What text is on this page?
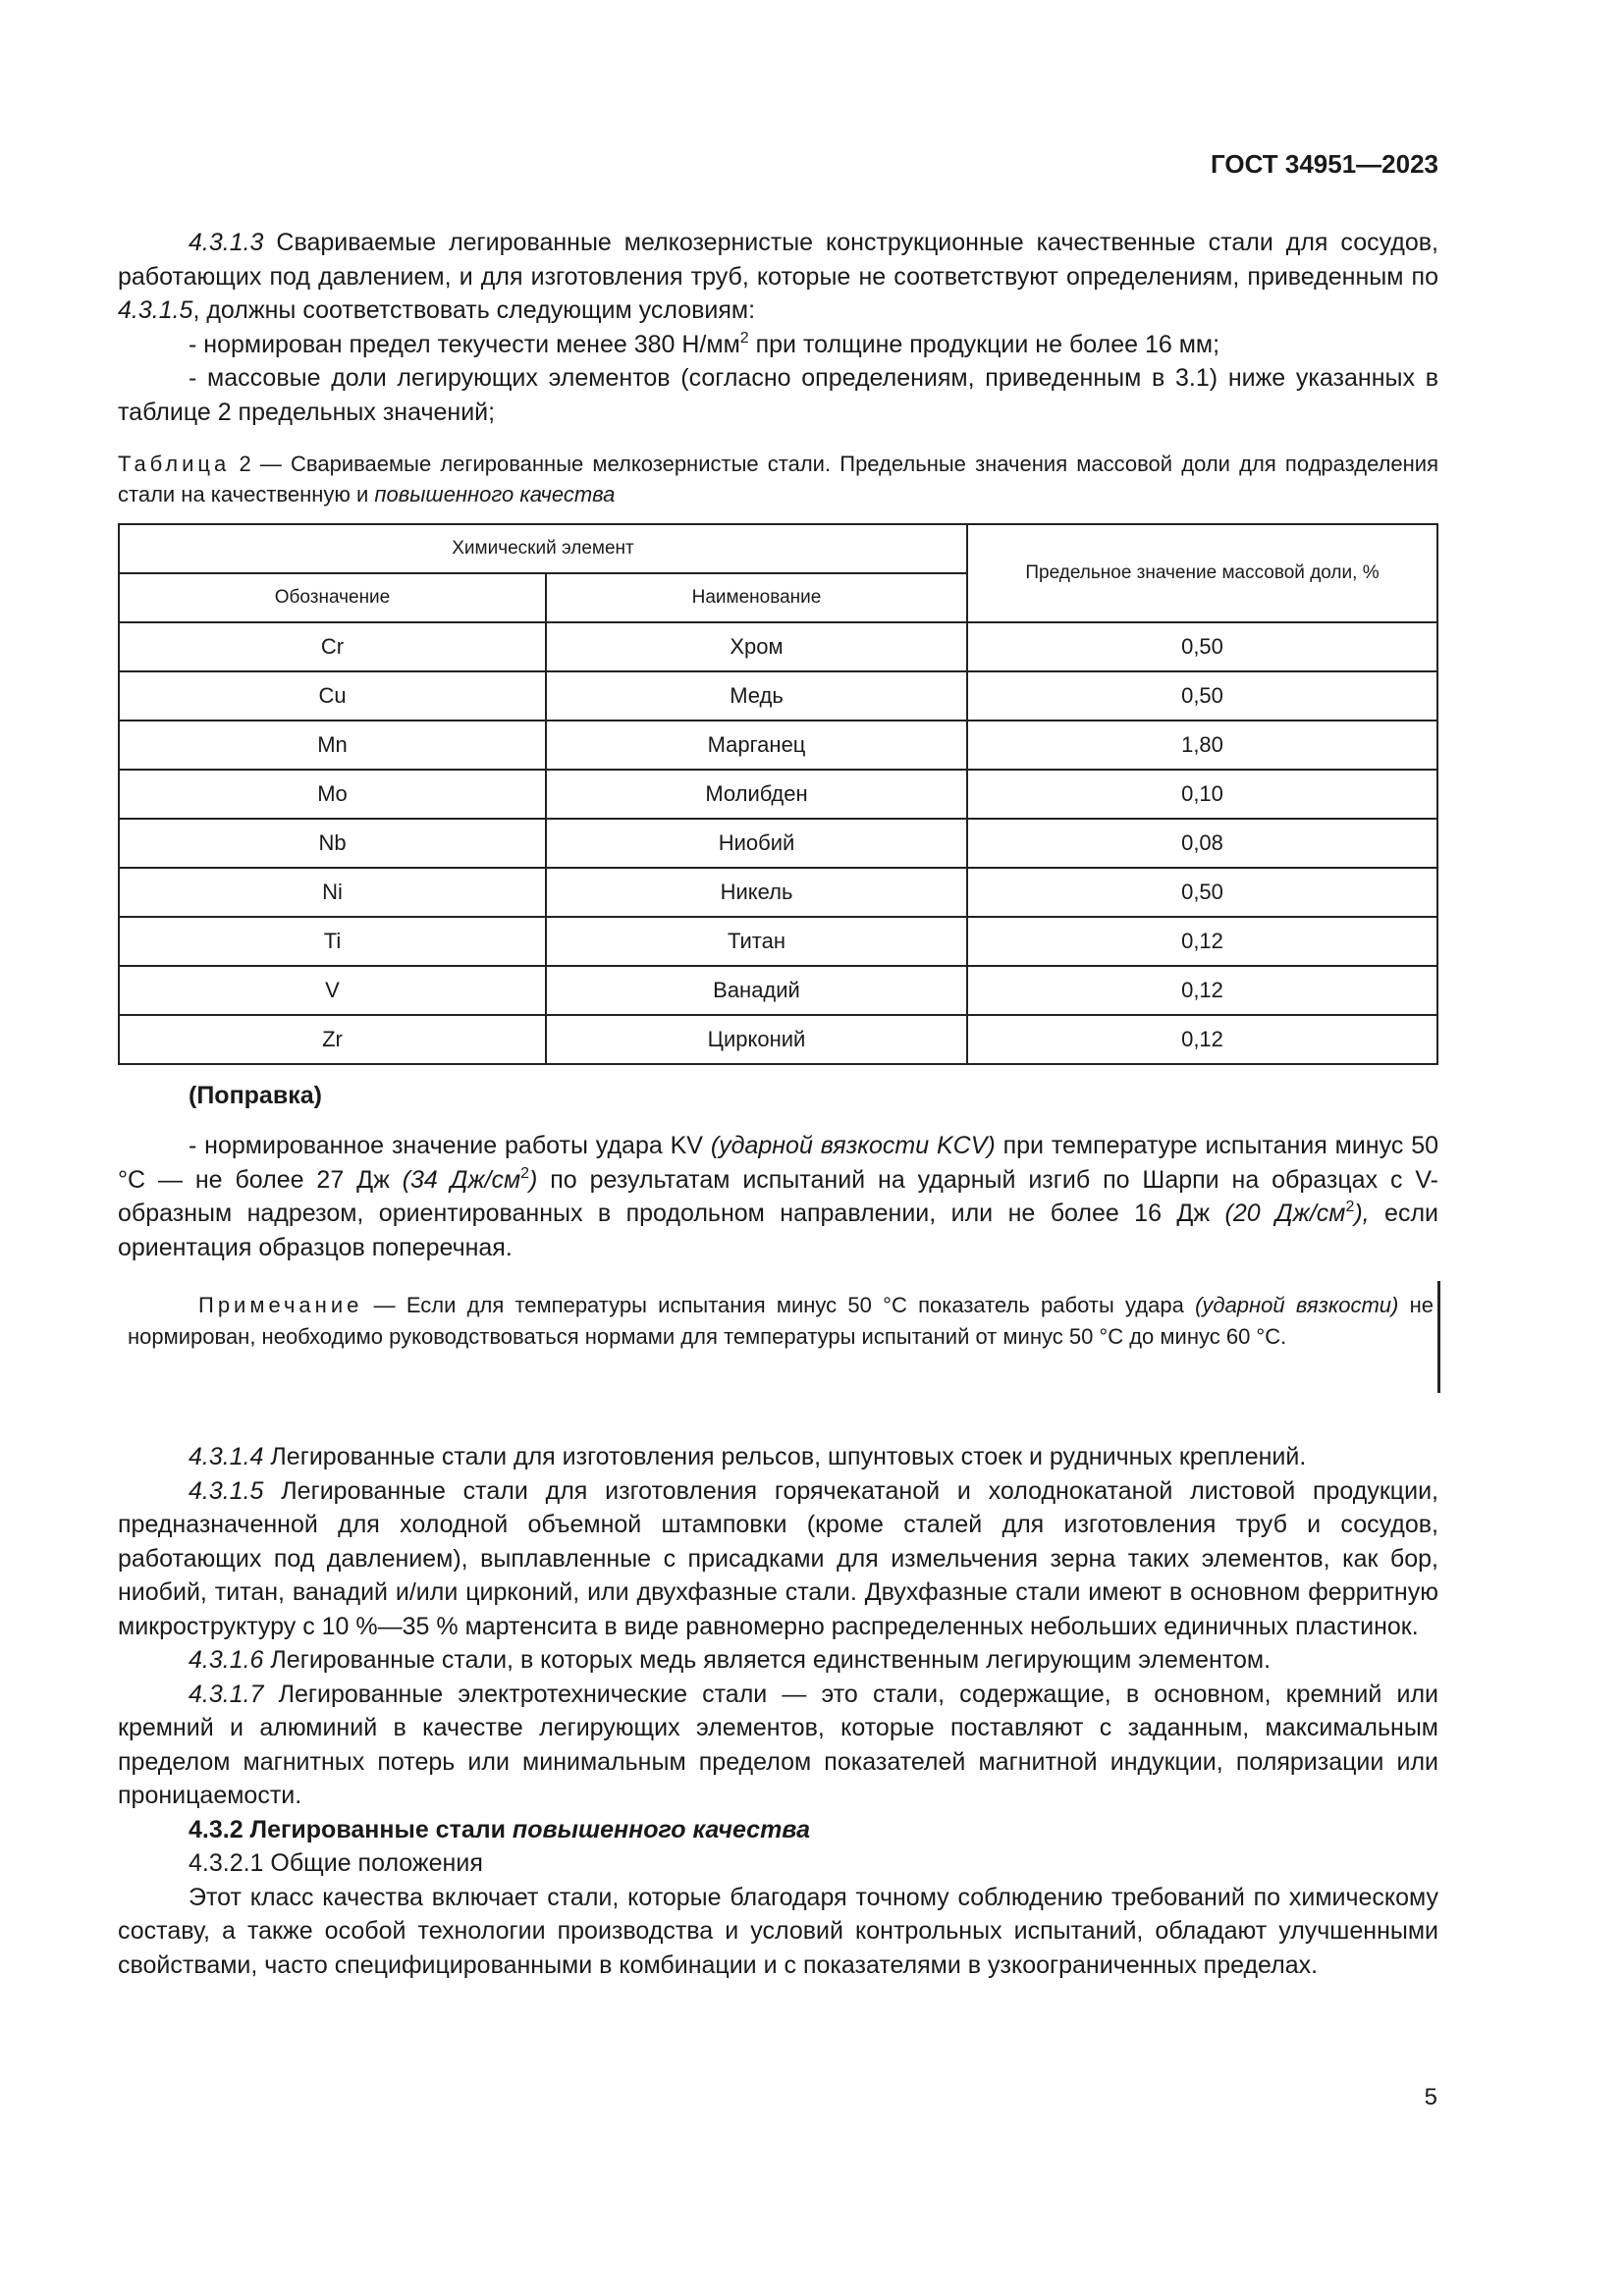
ГОСТ 34951—2023

4.3.1.3 Свариваемые легированные мелкозернистые конструкционные качественные стали для сосудов, работающих под давлением, и для изготовления труб, которые не соответствуют определениям, приведенным по 4.3.1.5, должны соответствовать следующим условиям:

- нормирован предел текучести менее 380 $Н/мм^2$ при толщине продукции не более 16 мм;

- массовые доли легирующих элементов (согласно определениям, приведенным в 3.1) ниже указанных в таблице 2 предельных значений;

Таблица 2 — Свариваемые легированные мелкозернистые стали. Предельные значения массовой доли для подразделения стали на качественную и повышенного качества
Химический элемент		Предельное значение массовой доли, %
Обозначение	Наименование	
Cr	Хром	0,50
Cu	Медь	0,50
Mn	Марганец	1,80
Mo	Молибден	0,10
Nb	Ниобий	0,08
Ni	Никель	0,50
Ti	Титан	0,12
V	Ванадий	0,12
Zr	Цирконий	0,12
(Поправка)

- нормированное значение работы удара KV (ударной вязкости KCV) при температуре испытания минус 50 °С — не более 27 Дж (34 $Дж/см^2$) по результатам испытаний на ударный изгиб по Шарпи на образцах с V-образным надрезом, ориентированных в продольном направлении, или не более 16 Дж (20 $Дж/см^2$), если ориентация образцов поперечная.

Примечание — Если для температуры испытания минус 50 °С показатель работы удара (ударной вязкости) не нормирован, необходимо руководствоваться нормами для температуры испытаний от минус 50 °С до минус 60 °С.

4.3.1.4 Легированные стали для изготовления рельсов, шпунтовых стоек и рудничных креплений.

4.3.1.5 Легированные стали для изготовления горячекатаной и холоднокатаной листовой продукции, предназначенной для холодной объемной штамповки (кроме сталей для изготовления труб и сосудов, работающих под давлением), выплавленные с присадками для измельчения зерна таких элементов, как бор, ниобий, титан, ванадий и/или цирконий, или двухфазные стали. Двухфазные стали имеют в основном ферритную микроструктуру с 10 %—35 % мартенсита в виде равномерно распределенных небольших единичных пластинок.

4.3.1.6 Легированные стали, в которых медь является единственным легирующим элементом.

4.3.1.7 Легированные электротехнические стали — это стали, содержащие, в основном, кремний или кремний и алюминий в качестве легирующих элементов, которые поставляют с заданным, максимальным пределом магнитных потерь или минимальным пределом показателей магнитной индукции, поляризации или проницаемости.

4.3.2 Легированные стали повышенного качества

4.3.2.1 Общие положения

Этот класс качества включает стали, которые благодаря точному соблюдению требований по химическому составу, а также особой технологии производства и условий контрольных испытаний, обладают улучшенными свойствами, часто специфицированными в комбинации и с показателями в узкоограниченных пределах.

5
